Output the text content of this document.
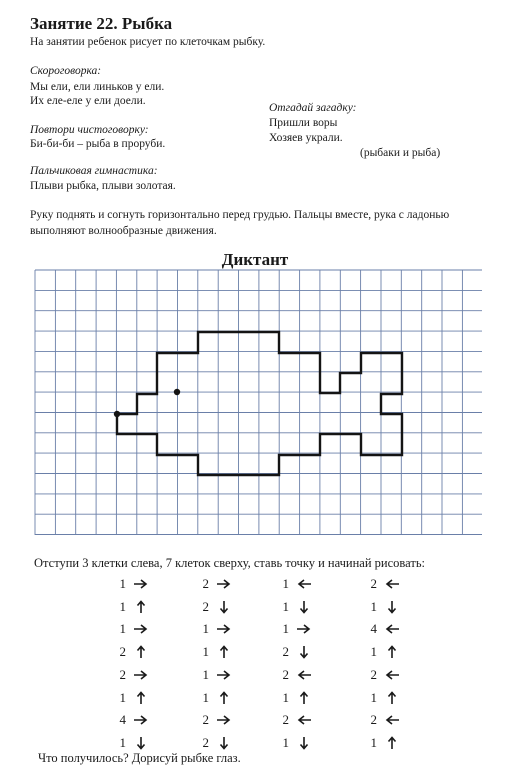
Занятие 22. Рыбка
На занятии ребенок рисует по клеточкам рыбку.
Скороговорка:
Мы ели, ели линьков у ели.
Их еле-еле у ели доели.
Отгадай загадку:
Пришли воры
Хозяев украли.
(рыбаки и рыба)
Повтори чистоговорку:
Би-би-би – рыба в проруби.
Пальчиковая гимнастика:
Плыви рыбка, плыви золотая.
Руку поднять и согнуть горизонтально перед грудью. Пальцы вместе, рука с ладонью
выполняют волнообразные движения.
Диктант
Отступи 3 клетки слева, 7 клеток сверху, ставь точку и начинай рисовать:
1
1
1
2
2
1
4
1
2
2
1
1
1
1
2
2
1
1
1
2
2
1
2
1
2
1
4
1
2
1
2
1
Что получилось? Дорисуй рыбке глаз.
